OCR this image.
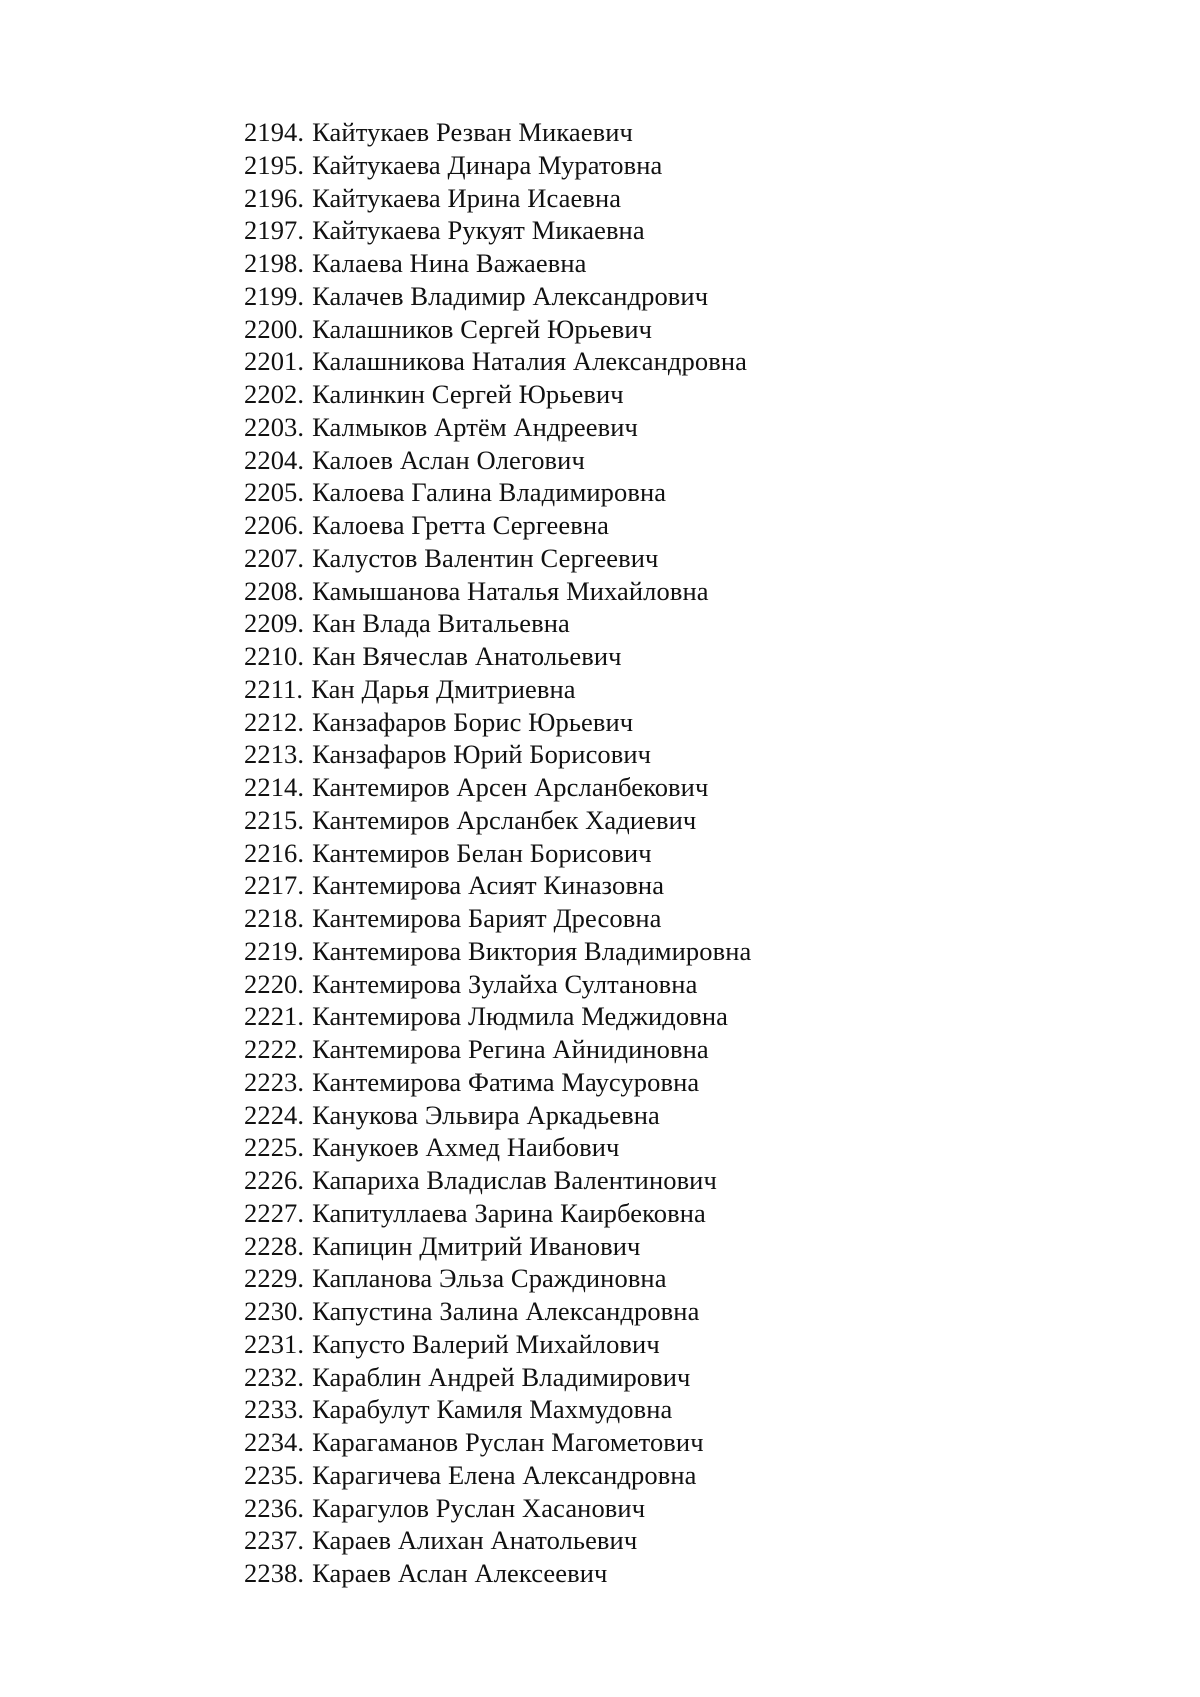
2194. Кайтукаев Резван Микаевич
2195. Кайтукаева Динара Муратовна
2196. Кайтукаева Ирина Исаевна
2197. Кайтукаева Рукуят Микаевна
2198. Калаева Нина Важаевна
2199. Калачев Владимир Александрович
2200. Калашников Сергей Юрьевич
2201. Калашникова Наталия Александровна
2202. Калинкин Сергей Юрьевич
2203. Калмыков Артём Андреевич
2204. Калоев Аслан Олегович
2205. Калоева Галина Владимировна
2206. Калоева Гретта Сергеевна
2207. Калустов Валентин Сергеевич
2208. Камышанова Наталья Михайловна
2209. Кан Влада Витальевна
2210. Кан Вячеслав Анатольевич
2211. Кан Дарья Дмитриевна
2212. Канзафаров Борис Юрьевич
2213. Канзафаров Юрий Борисович
2214. Кантемиров Арсен Арсланбекович
2215. Кантемиров Арсланбек Хадиевич
2216. Кантемиров Белан Борисович
2217. Кантемирова Асият Киназовна
2218. Кантемирова Барият Дресовна
2219. Кантемирова Виктория Владимировна
2220. Кантемирова Зулайха Султановна
2221. Кантемирова Людмила Меджидовна
2222. Кантемирова Регина Айнидиновна
2223. Кантемирова Фатима Маусуровна
2224. Канукова Эльвира Аркадьевна
2225. Канукоев Ахмед Наибович
2226. Капариха Владислав Валентинович
2227. Капитуллаева Зарина Каирбековна
2228. Капицин Дмитрий Иванович
2229. Капланова Эльза Сраждиновна
2230. Капустина Залина Александровна
2231. Капусто Валерий Михайлович
2232. Караблин Андрей Владимирович
2233. Карабулут Камиля Махмудовна
2234. Карагаманов Руслан Магометович
2235. Карагичева Елена Александровна
2236. Карагулов Руслан Хасанович
2237. Караев Алихан Анатольевич
2238. Караев Аслан Алексеевич
